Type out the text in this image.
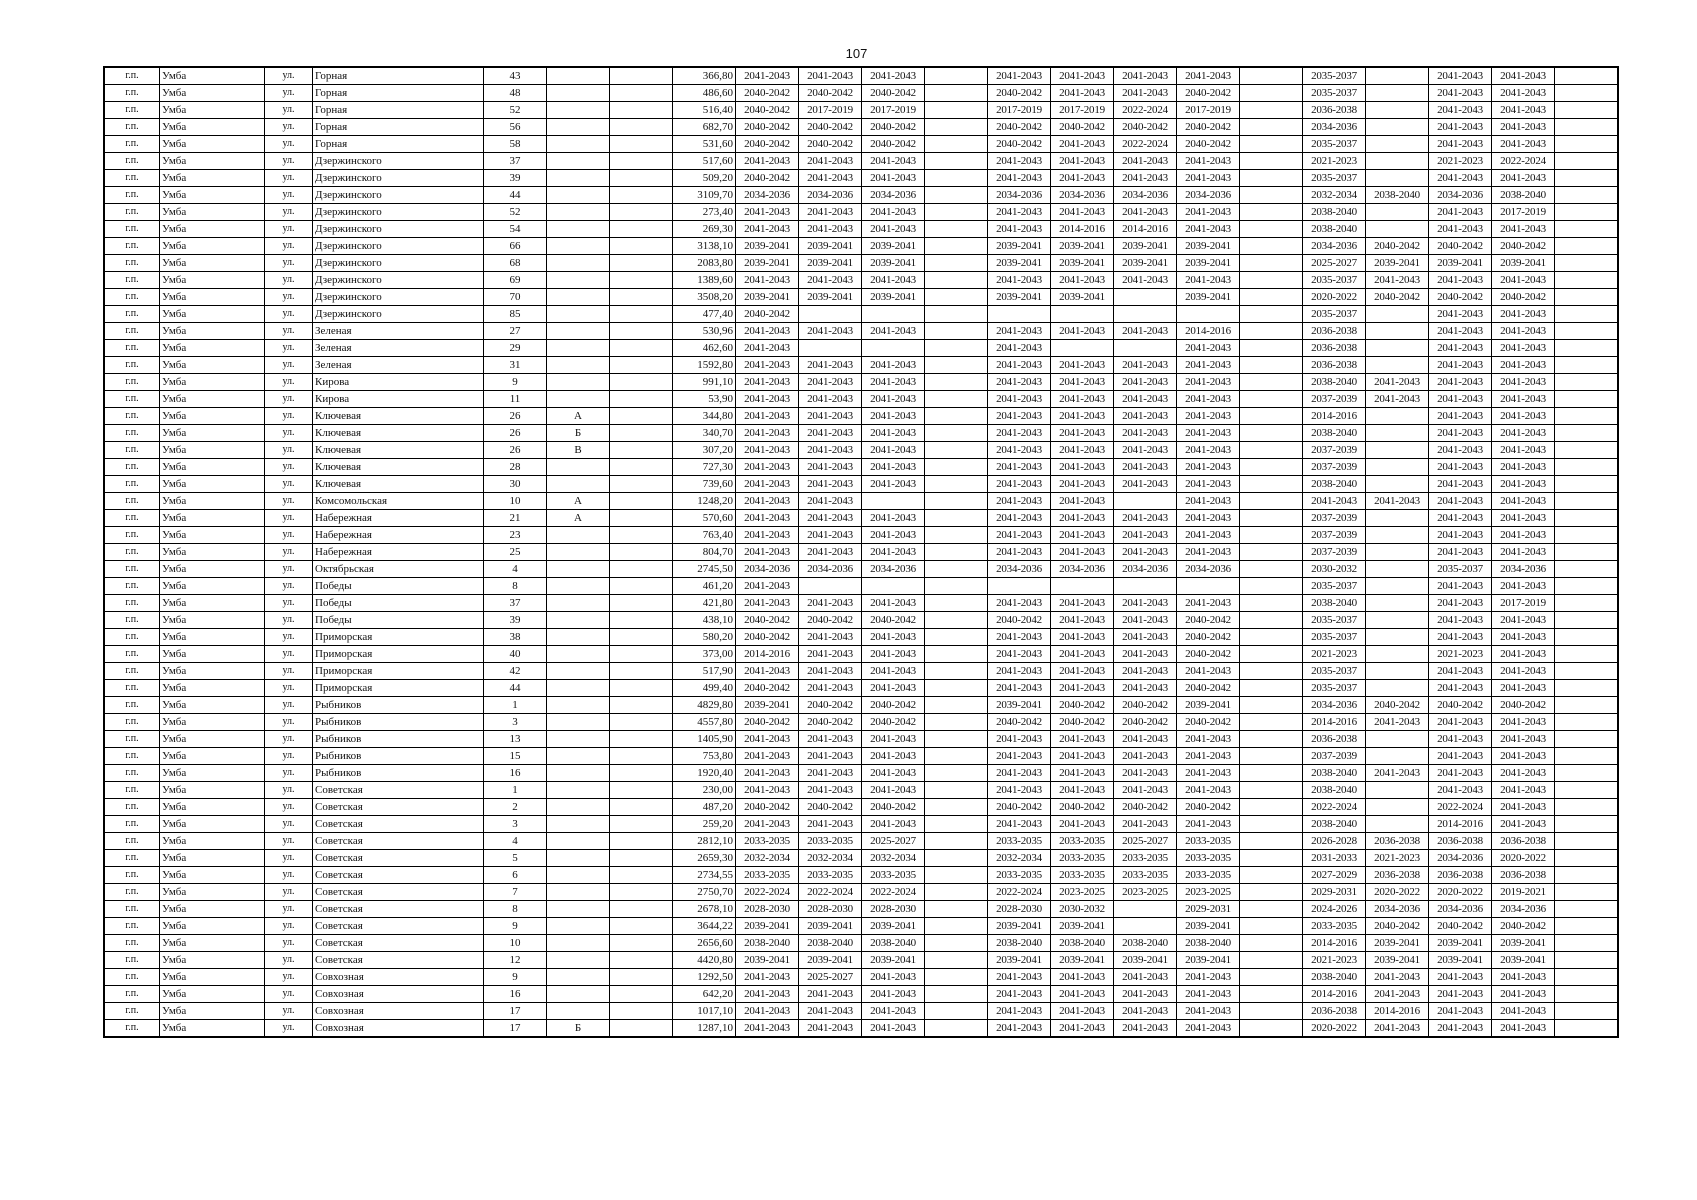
107
г.п.	Умба	ул.	Горная	43			366,80	2041-2043	2041-2043	2041-2043		2041-2043	2041-2043	2041-2043	2041-2043		2035-2037		2041-2043	2041-2043	
г.п.	Умба	ул.	Горная	48			486,60	2040-2042	2040-2042	2040-2042		2040-2042	2041-2043	2041-2043	2040-2042		2035-2037		2041-2043	2041-2043	
г.п.	Умба	ул.	Горная	52			516,40	2040-2042	2017-2019	2017-2019		2017-2019	2017-2019	2022-2024	2017-2019		2036-2038		2041-2043	2041-2043	
г.п.	Умба	ул.	Горная	56			682,70	2040-2042	2040-2042	2040-2042		2040-2042	2040-2042	2040-2042	2040-2042		2034-2036		2041-2043	2041-2043	
г.п.	Умба	ул.	Горная	58			531,60	2040-2042	2040-2042	2040-2042		2040-2042	2041-2043	2022-2024	2040-2042		2035-2037		2041-2043	2041-2043	
г.п.	Умба	ул.	Дзержинского	37			517,60	2041-2043	2041-2043	2041-2043		2041-2043	2041-2043	2041-2043	2041-2043		2021-2023		2021-2023	2022-2024	
г.п.	Умба	ул.	Дзержинского	39			509,20	2040-2042	2041-2043	2041-2043		2041-2043	2041-2043	2041-2043	2041-2043		2035-2037		2041-2043	2041-2043	
г.п.	Умба	ул.	Дзержинского	44			3109,70	2034-2036	2034-2036	2034-2036		2034-2036	2034-2036	2034-2036	2034-2036		2032-2034	2038-2040	2034-2036	2038-2040	
г.п.	Умба	ул.	Дзержинского	52			273,40	2041-2043	2041-2043	2041-2043		2041-2043	2041-2043	2041-2043	2041-2043		2038-2040		2041-2043	2017-2019	
г.п.	Умба	ул.	Дзержинского	54			269,30	2041-2043	2041-2043	2041-2043		2041-2043	2014-2016	2014-2016	2041-2043		2038-2040		2041-2043	2041-2043	
г.п.	Умба	ул.	Дзержинского	66			3138,10	2039-2041	2039-2041	2039-2041		2039-2041	2039-2041	2039-2041	2039-2041		2034-2036	2040-2042	2040-2042	2040-2042	
г.п.	Умба	ул.	Дзержинского	68			2083,80	2039-2041	2039-2041	2039-2041		2039-2041	2039-2041	2039-2041	2039-2041		2025-2027	2039-2041	2039-2041	2039-2041	
г.п.	Умба	ул.	Дзержинского	69			1389,60	2041-2043	2041-2043	2041-2043		2041-2043	2041-2043	2041-2043	2041-2043		2035-2037	2041-2043	2041-2043	2041-2043	
г.п.	Умба	ул.	Дзержинского	70			3508,20	2039-2041	2039-2041	2039-2041		2039-2041	2039-2041		2039-2041		2020-2022	2040-2042	2040-2042	2040-2042	
г.п.	Умба	ул.	Дзержинского	85			477,40	2040-2042									2035-2037		2041-2043	2041-2043	
г.п.	Умба	ул.	Зеленая	27			530,96	2041-2043	2041-2043	2041-2043		2041-2043	2041-2043	2041-2043	2014-2016		2036-2038		2041-2043	2041-2043	
г.п.	Умба	ул.	Зеленая	29			462,60	2041-2043				2041-2043			2041-2043		2036-2038		2041-2043	2041-2043	
г.п.	Умба	ул.	Зеленая	31			1592,80	2041-2043	2041-2043	2041-2043		2041-2043	2041-2043	2041-2043	2041-2043		2036-2038		2041-2043	2041-2043	
г.п.	Умба	ул.	Кирова	9			991,10	2041-2043	2041-2043	2041-2043		2041-2043	2041-2043	2041-2043	2041-2043		2038-2040	2041-2043	2041-2043	2041-2043	
г.п.	Умба	ул.	Кирова	11			53,90	2041-2043	2041-2043	2041-2043		2041-2043	2041-2043	2041-2043	2041-2043		2037-2039	2041-2043	2041-2043	2041-2043	
г.п.	Умба	ул.	Ключевая	26	А		344,80	2041-2043	2041-2043	2041-2043		2041-2043	2041-2043	2041-2043	2041-2043		2014-2016		2041-2043	2041-2043	
г.п.	Умба	ул.	Ключевая	26	Б		340,70	2041-2043	2041-2043	2041-2043		2041-2043	2041-2043	2041-2043	2041-2043		2038-2040		2041-2043	2041-2043	
г.п.	Умба	ул.	Ключевая	26	В		307,20	2041-2043	2041-2043	2041-2043		2041-2043	2041-2043	2041-2043	2041-2043		2037-2039		2041-2043	2041-2043	
г.п.	Умба	ул.	Ключевая	28			727,30	2041-2043	2041-2043	2041-2043		2041-2043	2041-2043	2041-2043	2041-2043		2037-2039		2041-2043	2041-2043	
г.п.	Умба	ул.	Ключевая	30			739,60	2041-2043	2041-2043	2041-2043		2041-2043	2041-2043	2041-2043	2041-2043		2038-2040		2041-2043	2041-2043	
г.п.	Умба	ул.	Комсомольская	10	А		1248,20	2041-2043	2041-2043			2041-2043	2041-2043		2041-2043		2041-2043	2041-2043	2041-2043	2041-2043	
г.п.	Умба	ул.	Набережная	21	А		570,60	2041-2043	2041-2043	2041-2043		2041-2043	2041-2043	2041-2043	2041-2043		2037-2039		2041-2043	2041-2043	
г.п.	Умба	ул.	Набережная	23			763,40	2041-2043	2041-2043	2041-2043		2041-2043	2041-2043	2041-2043	2041-2043		2037-2039		2041-2043	2041-2043	
г.п.	Умба	ул.	Набережная	25			804,70	2041-2043	2041-2043	2041-2043		2041-2043	2041-2043	2041-2043	2041-2043		2037-2039		2041-2043	2041-2043	
г.п.	Умба	ул.	Октябрьская	4			2745,50	2034-2036	2034-2036	2034-2036		2034-2036	2034-2036	2034-2036	2034-2036		2030-2032		2035-2037	2034-2036	
г.п.	Умба	ул.	Победы	8			461,20	2041-2043									2035-2037		2041-2043	2041-2043	
г.п.	Умба	ул.	Победы	37			421,80	2041-2043	2041-2043	2041-2043		2041-2043	2041-2043	2041-2043	2041-2043		2038-2040		2041-2043	2017-2019	
г.п.	Умба	ул.	Победы	39			438,10	2040-2042	2040-2042	2040-2042		2040-2042	2041-2043	2041-2043	2040-2042		2035-2037		2041-2043	2041-2043	
г.п.	Умба	ул.	Приморская	38			580,20	2040-2042	2041-2043	2041-2043		2041-2043	2041-2043	2041-2043	2040-2042		2035-2037		2041-2043	2041-2043	
г.п.	Умба	ул.	Приморская	40			373,00	2014-2016	2041-2043	2041-2043		2041-2043	2041-2043	2041-2043	2040-2042		2021-2023		2021-2023	2041-2043	
г.п.	Умба	ул.	Приморская	42			517,90	2041-2043	2041-2043	2041-2043		2041-2043	2041-2043	2041-2043	2041-2043		2035-2037		2041-2043	2041-2043	
г.п.	Умба	ул.	Приморская	44			499,40	2040-2042	2041-2043	2041-2043		2041-2043	2041-2043	2041-2043	2040-2042		2035-2037		2041-2043	2041-2043	
г.п.	Умба	ул.	Рыбников	1			4829,80	2039-2041	2040-2042	2040-2042		2039-2041	2040-2042	2040-2042	2039-2041		2034-2036	2040-2042	2040-2042	2040-2042	
г.п.	Умба	ул.	Рыбников	3			4557,80	2040-2042	2040-2042	2040-2042		2040-2042	2040-2042	2040-2042	2040-2042		2014-2016	2041-2043	2041-2043	2041-2043	
г.п.	Умба	ул.	Рыбников	13			1405,90	2041-2043	2041-2043	2041-2043		2041-2043	2041-2043	2041-2043	2041-2043		2036-2038		2041-2043	2041-2043	
г.п.	Умба	ул.	Рыбников	15			753,80	2041-2043	2041-2043	2041-2043		2041-2043	2041-2043	2041-2043	2041-2043		2037-2039		2041-2043	2041-2043	
г.п.	Умба	ул.	Рыбников	16			1920,40	2041-2043	2041-2043	2041-2043		2041-2043	2041-2043	2041-2043	2041-2043		2038-2040	2041-2043	2041-2043	2041-2043	
г.п.	Умба	ул.	Советская	1			230,00	2041-2043	2041-2043	2041-2043		2041-2043	2041-2043	2041-2043	2041-2043		2038-2040		2041-2043	2041-2043	
г.п.	Умба	ул.	Советская	2			487,20	2040-2042	2040-2042	2040-2042		2040-2042	2040-2042	2040-2042	2040-2042		2022-2024		2022-2024	2041-2043	
г.п.	Умба	ул.	Советская	3			259,20	2041-2043	2041-2043	2041-2043		2041-2043	2041-2043	2041-2043	2041-2043		2038-2040		2014-2016	2041-2043	
г.п.	Умба	ул.	Советская	4			2812,10	2033-2035	2033-2035	2025-2027		2033-2035	2033-2035	2025-2027	2033-2035		2026-2028	2036-2038	2036-2038	2036-2038	
г.п.	Умба	ул.	Советская	5			2659,30	2032-2034	2032-2034	2032-2034		2032-2034	2033-2035	2033-2035	2033-2035		2031-2033	2021-2023	2034-2036	2020-2022	
г.п.	Умба	ул.	Советская	6			2734,55	2033-2035	2033-2035	2033-2035		2033-2035	2033-2035	2033-2035	2033-2035		2027-2029	2036-2038	2036-2038	2036-2038	
г.п.	Умба	ул.	Советская	7			2750,70	2022-2024	2022-2024	2022-2024		2022-2024	2023-2025	2023-2025	2023-2025		2029-2031	2020-2022	2020-2022	2019-2021	
г.п.	Умба	ул.	Советская	8			2678,10	2028-2030	2028-2030	2028-2030		2028-2030	2030-2032		2029-2031		2024-2026	2034-2036	2034-2036	2034-2036	
г.п.	Умба	ул.	Советская	9			3644,22	2039-2041	2039-2041	2039-2041		2039-2041	2039-2041		2039-2041		2033-2035	2040-2042	2040-2042	2040-2042	
г.п.	Умба	ул.	Советская	10			2656,60	2038-2040	2038-2040	2038-2040		2038-2040	2038-2040	2038-2040	2038-2040		2014-2016	2039-2041	2039-2041	2039-2041	
г.п.	Умба	ул.	Советская	12			4420,80	2039-2041	2039-2041	2039-2041		2039-2041	2039-2041	2039-2041	2039-2041		2021-2023	2039-2041	2039-2041	2039-2041	
г.п.	Умба	ул.	Совхозная	9			1292,50	2041-2043	2025-2027	2041-2043		2041-2043	2041-2043	2041-2043	2041-2043		2038-2040	2041-2043	2041-2043	2041-2043	
г.п.	Умба	ул.	Совхозная	16			642,20	2041-2043	2041-2043	2041-2043		2041-2043	2041-2043	2041-2043	2041-2043		2014-2016	2041-2043	2041-2043	2041-2043	
г.п.	Умба	ул.	Совхозная	17			1017,10	2041-2043	2041-2043	2041-2043		2041-2043	2041-2043	2041-2043	2041-2043		2036-2038	2014-2016	2041-2043	2041-2043	
г.п.	Умба	ул.	Совхозная	17	Б		1287,10	2041-2043	2041-2043	2041-2043		2041-2043	2041-2043	2041-2043	2041-2043		2020-2022	2041-2043	2041-2043	2041-2043	
